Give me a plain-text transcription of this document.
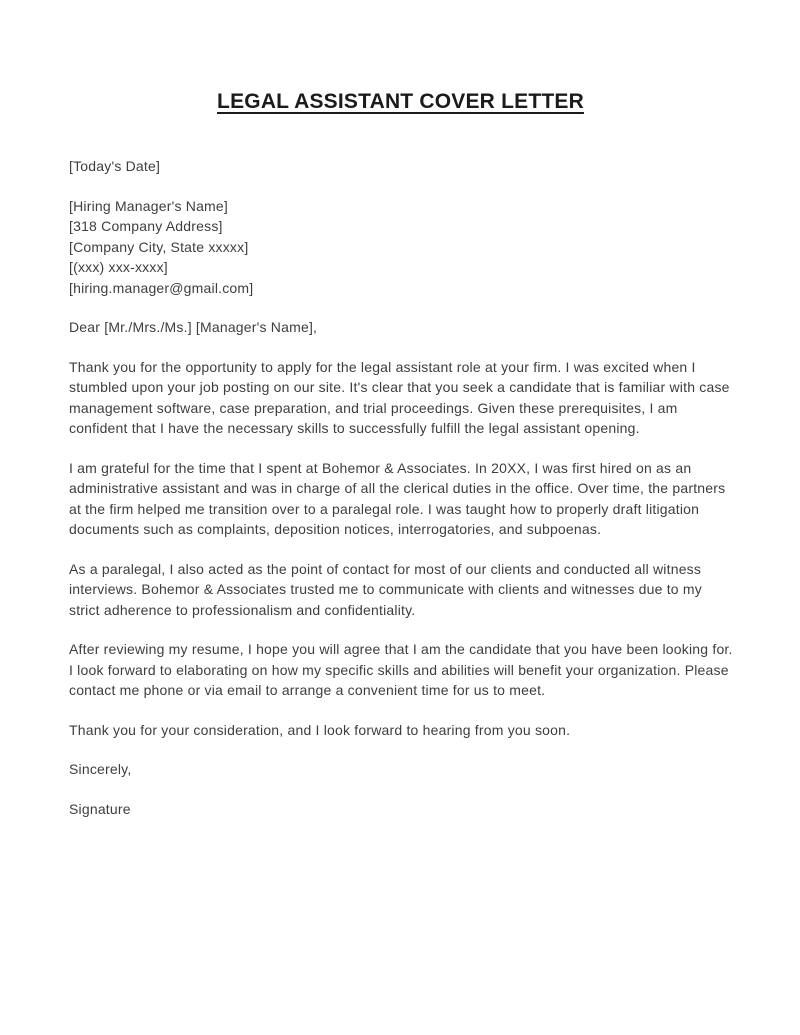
LEGAL ASSISTANT COVER LETTER

[Today's Date]

[Hiring Manager's Name]
[318 Company Address]
[Company City, State xxxxx]
[(xxx) xxx-xxxx]
[hiring.manager@gmail.com]

Dear [Mr./Mrs./Ms.] [Manager's Name],

Thank you for the opportunity to apply for the legal assistant role at your firm. I was excited when I stumbled upon your job posting on our site. It's clear that you seek a candidate that is familiar with case management software, case preparation, and trial proceedings. Given these prerequisites, I am confident that I have the necessary skills to successfully fulfill the legal assistant opening.

I am grateful for the time that I spent at Bohemor & Associates. In 20XX, I was first hired on as an administrative assistant and was in charge of all the clerical duties in the office. Over time, the partners at the firm helped me transition over to a paralegal role. I was taught how to properly draft litigation documents such as complaints, deposition notices, interrogatories, and subpoenas.

As a paralegal, I also acted as the point of contact for most of our clients and conducted all witness interviews. Bohemor & Associates trusted me to communicate with clients and witnesses due to my strict adherence to professionalism and confidentiality.

After reviewing my resume, I hope you will agree that I am the candidate that you have been looking for. I look forward to elaborating on how my specific skills and abilities will benefit your organization. Please contact me phone or via email to arrange a convenient time for us to meet.

Thank you for your consideration, and I look forward to hearing from you soon.

Sincerely,

Signature
